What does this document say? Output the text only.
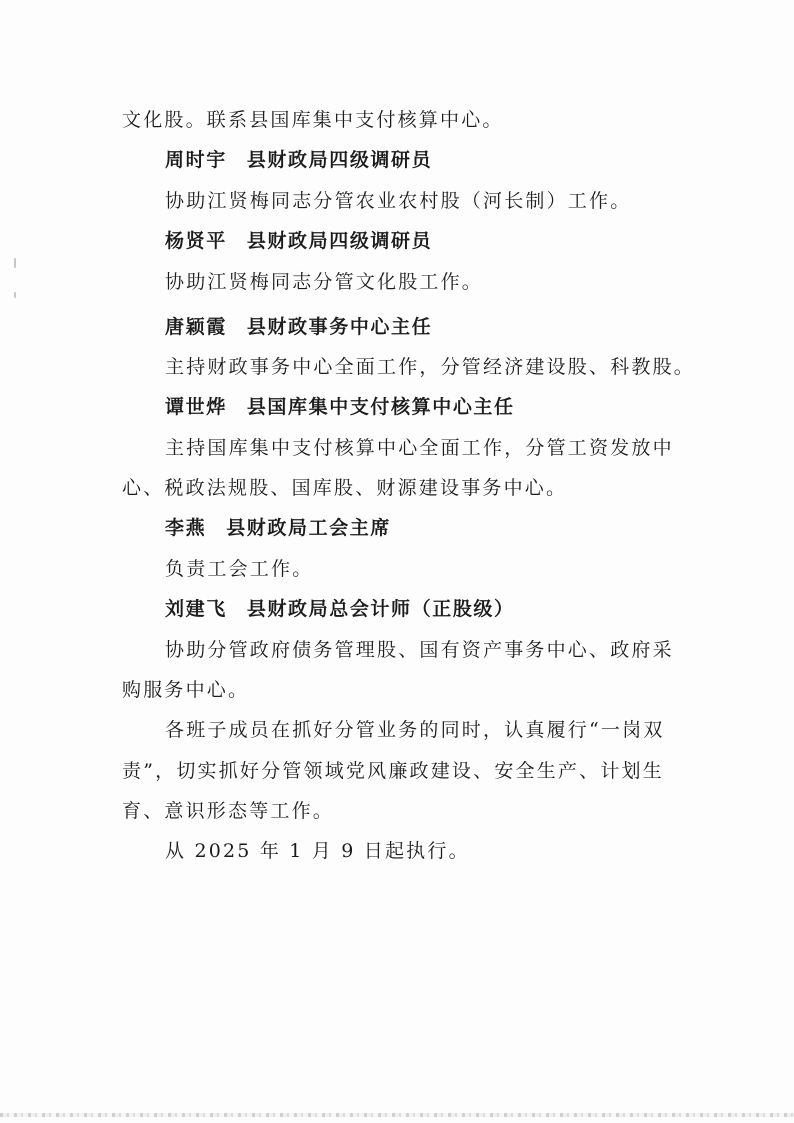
文化股。联系县国库集中支付核算中心。
周时宇 县财政局四级调研员
协助江贤梅同志分管农业农村股（河长制）工作。
杨贤平 县财政局四级调研员
协助江贤梅同志分管文化股工作。
唐颖霞 县财政事务中心主任
主持财政事务中心全面工作，分管经济建设股、科教股。
谭世烨 县国库集中支付核算中心主任
主持国库集中支付核算中心全面工作，分管工资发放中
心、税政法规股、国库股、财源建设事务中心。
李燕 县财政局工会主席
负责工会工作。
刘建飞 县财政局总会计师（正股级）
协助分管政府债务管理股、国有资产事务中心、政府采
购服务中心。
各班子成员在抓好分管业务的同时，认真履行“一岗双
责”，切实抓好分管领域党风廉政建设、安全生产、计划生
育、意识形态等工作。
从 2025 年 1 月 9 日起执行。
